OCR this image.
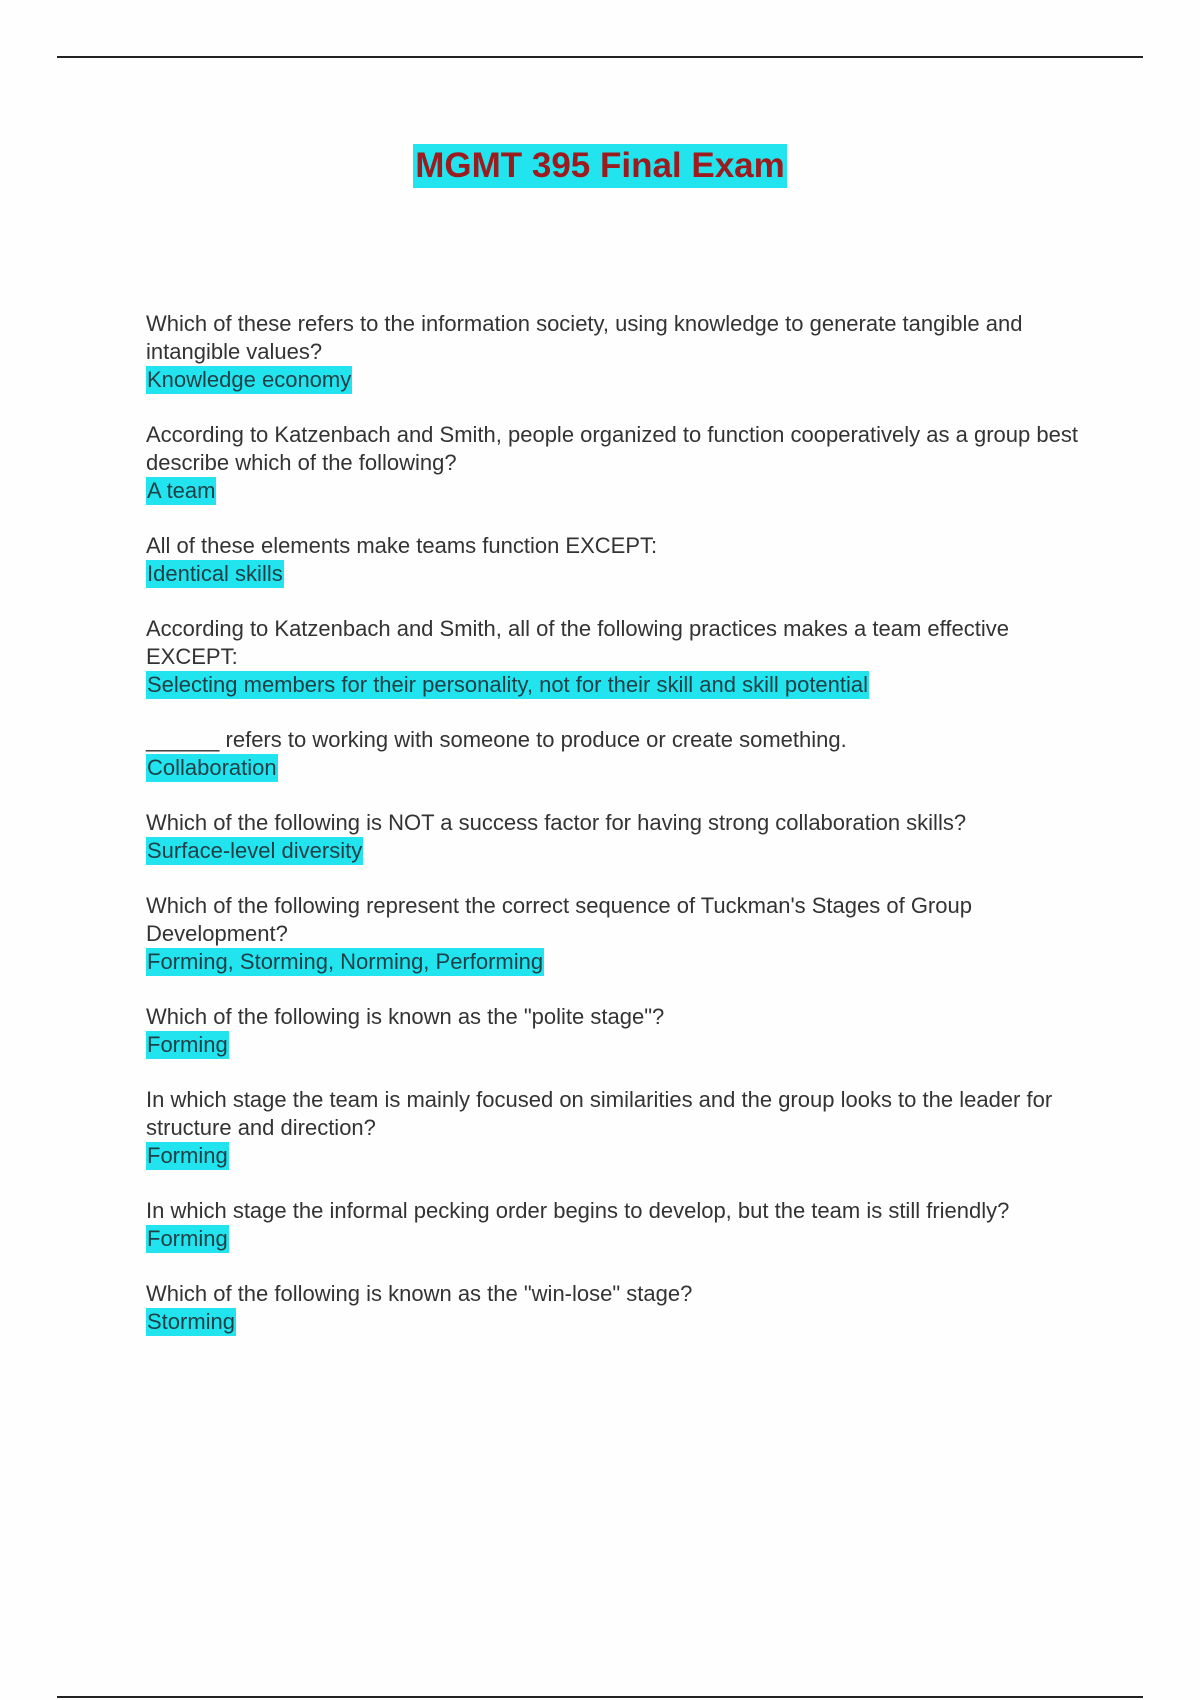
MGMT 395 Final Exam

Which of these refers to the information society, using knowledge to generate tangible and intangible values?

Knowledge economy

According to Katzenbach and Smith, people organized to function cooperatively as a group best describe which of the following?

A team

All of these elements make teams function EXCEPT:

Identical skills

According to Katzenbach and Smith, all of the following practices makes a team effective EXCEPT:

Selecting members for their personality, not for their skill and skill potential

______ refers to working with someone to produce or create something.

Collaboration

Which of the following is NOT a success factor for having strong collaboration skills?

Surface-level diversity

Which of the following represent the correct sequence of Tuckman's Stages of Group Development?

Forming, Storming, Norming, Performing

Which of the following is known as the "polite stage"?

Forming

In which stage the team is mainly focused on similarities and the group looks to the leader for structure and direction?

Forming

In which stage the informal pecking order begins to develop, but the team is still friendly?

Forming

Which of the following is known as the "win-lose" stage?

Storming
